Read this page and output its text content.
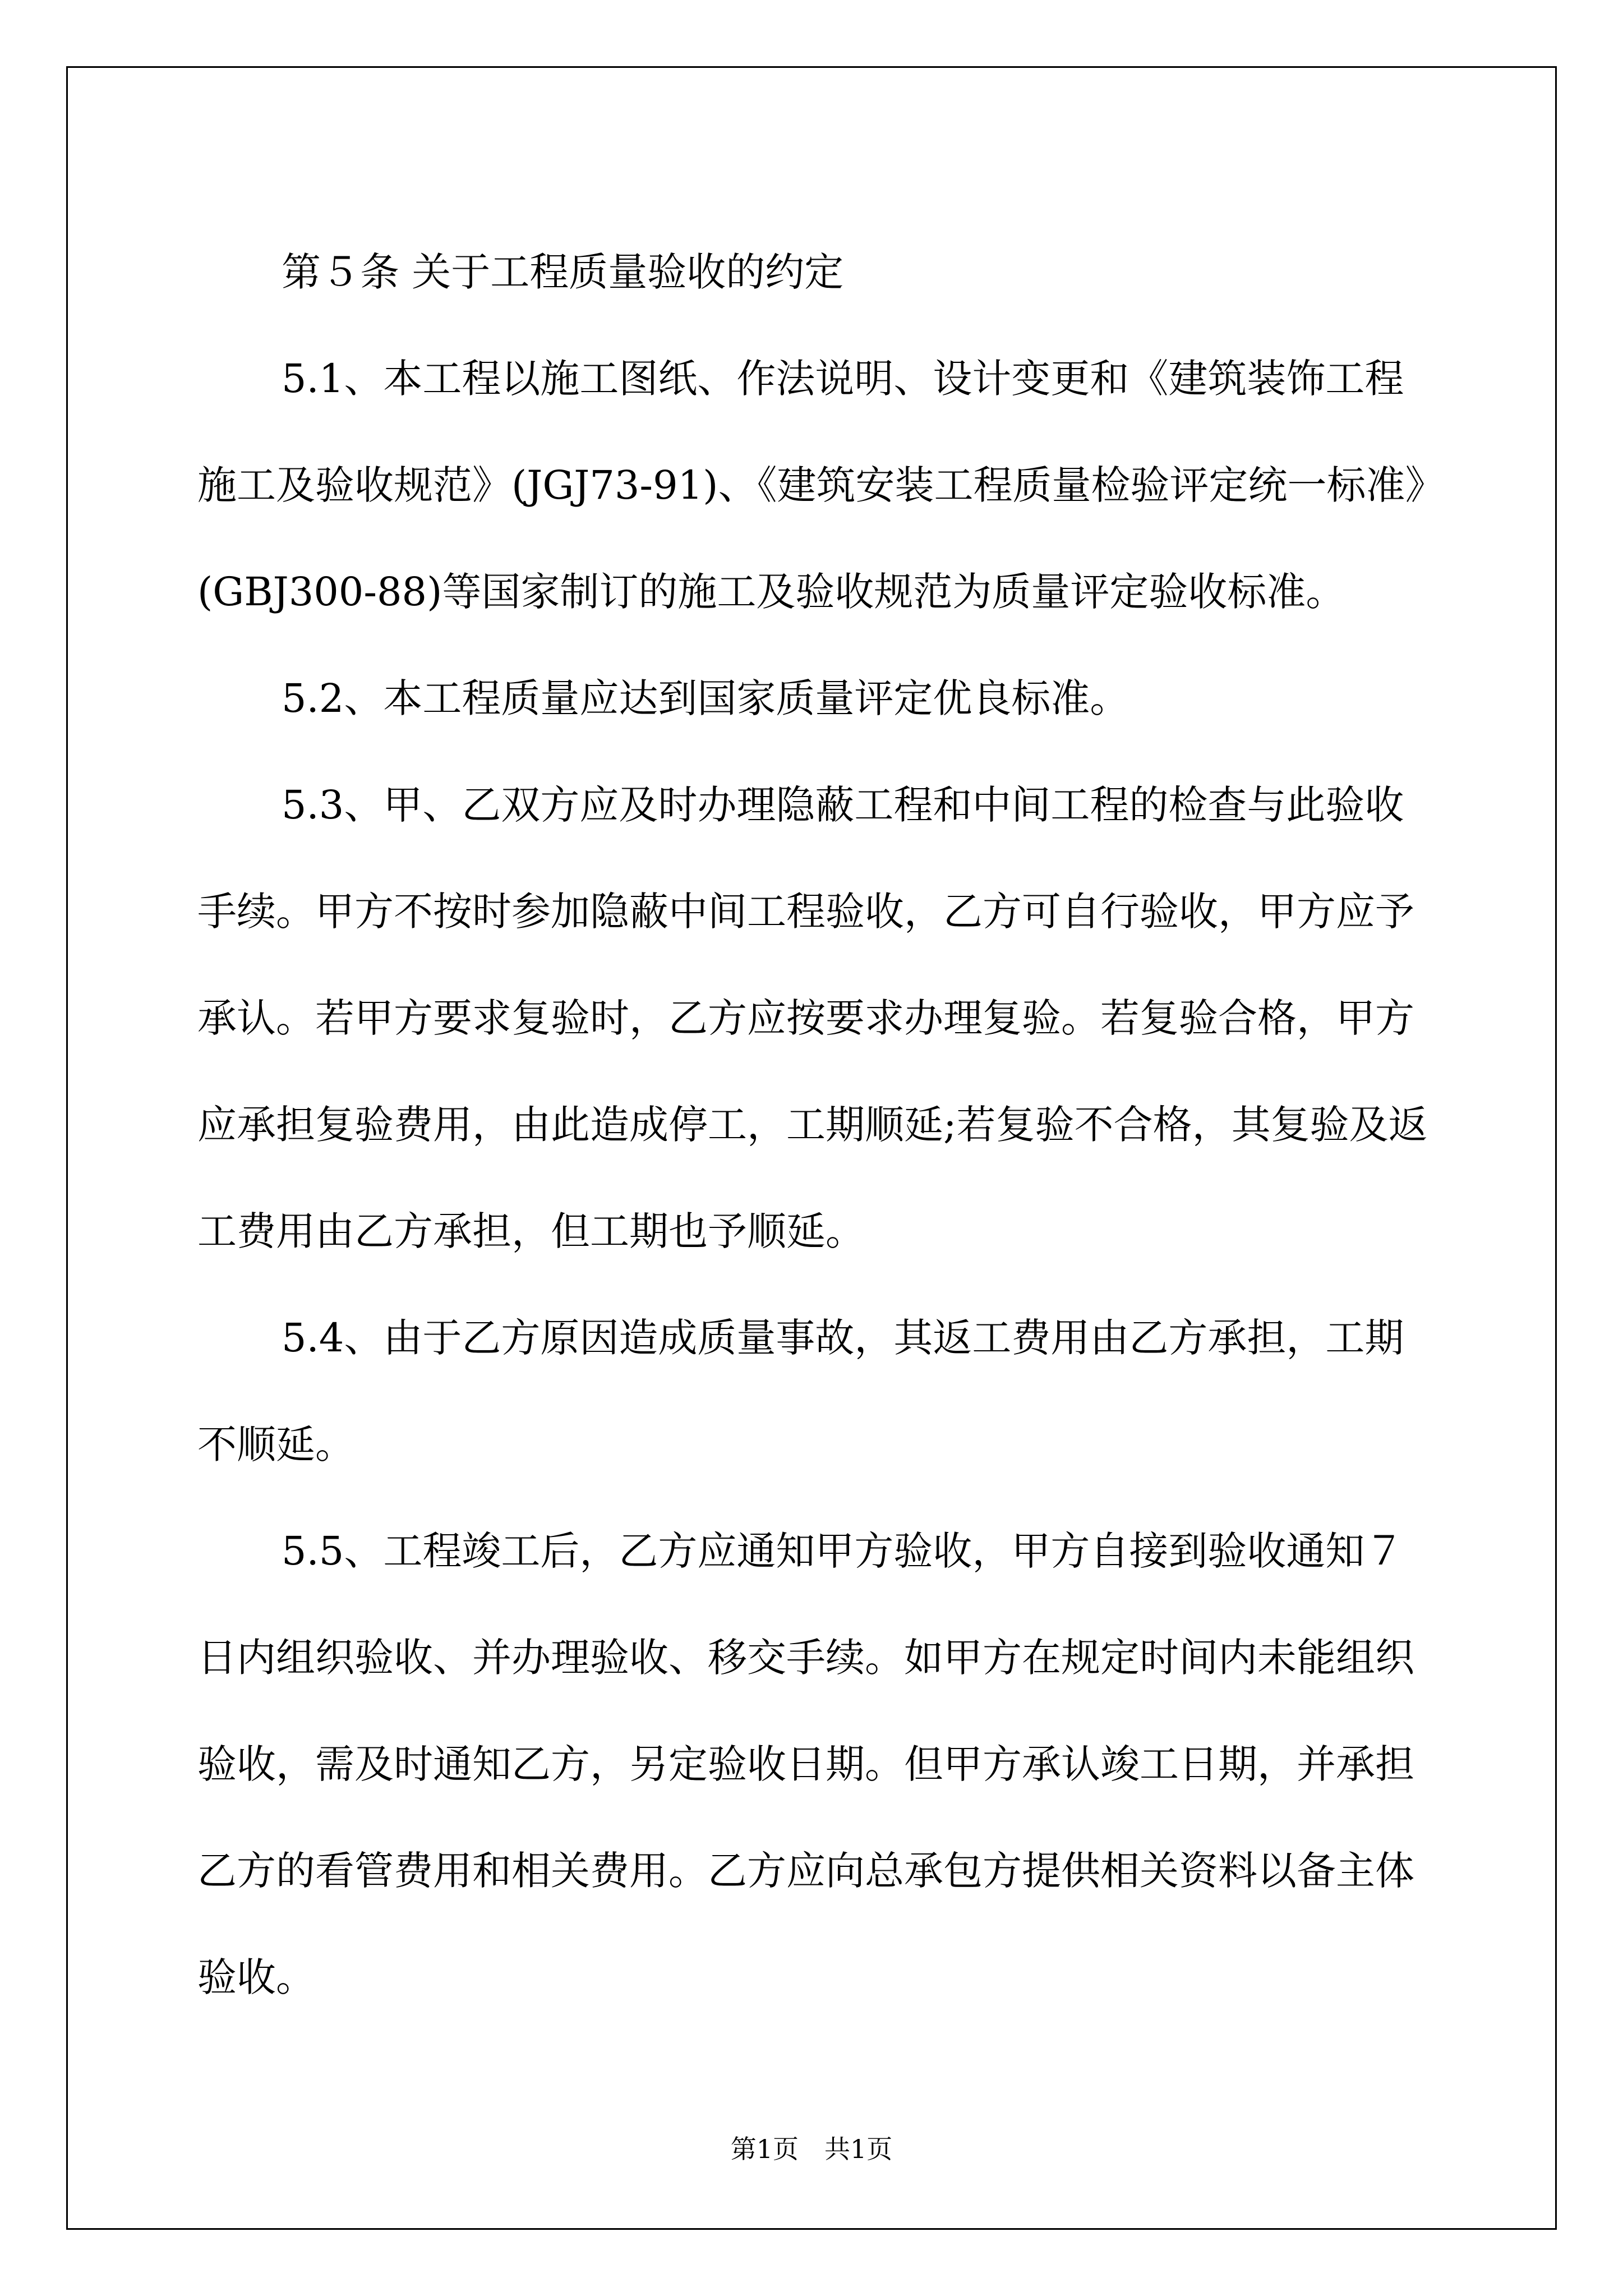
第５条 关于工程质量验收的约定

5.1、本工程以施工图纸、作法说明、设计变更和《建筑装饰工程施工及验收规范》(JGJ73-91)、《建筑安装工程质量检验评定统一标准》(GBJ300-88)等国家制订的施工及验收规范为质量评定验收标准。

5.2、本工程质量应达到国家质量评定优良标准。

5.3、甲、乙双方应及时办理隐蔽工程和中间工程的检查与此验收手续。甲方不按时参加隐蔽中间工程验收，乙方可自行验收，甲方应予承认。若甲方要求复验时，乙方应按要求办理复验。若复验合格，甲方应承担复验费用，由此造成停工，工期顺延;若复验不合格，其复验及返工费用由乙方承担，但工期也予顺延。

5.4、由于乙方原因造成质量事故，其返工费用由乙方承担，工期不顺延。

5.5、工程竣工后，乙方应通知甲方验收，甲方自接到验收通知７日内组织验收、并办理验收、移交手续。如甲方在规定时间内未能组织验收，需及时通知乙方，另定验收日期。但甲方承认竣工日期，并承担乙方的看管费用和相关费用。乙方应向总承包方提供相关资料以备主体验收。

第1页　共1页
